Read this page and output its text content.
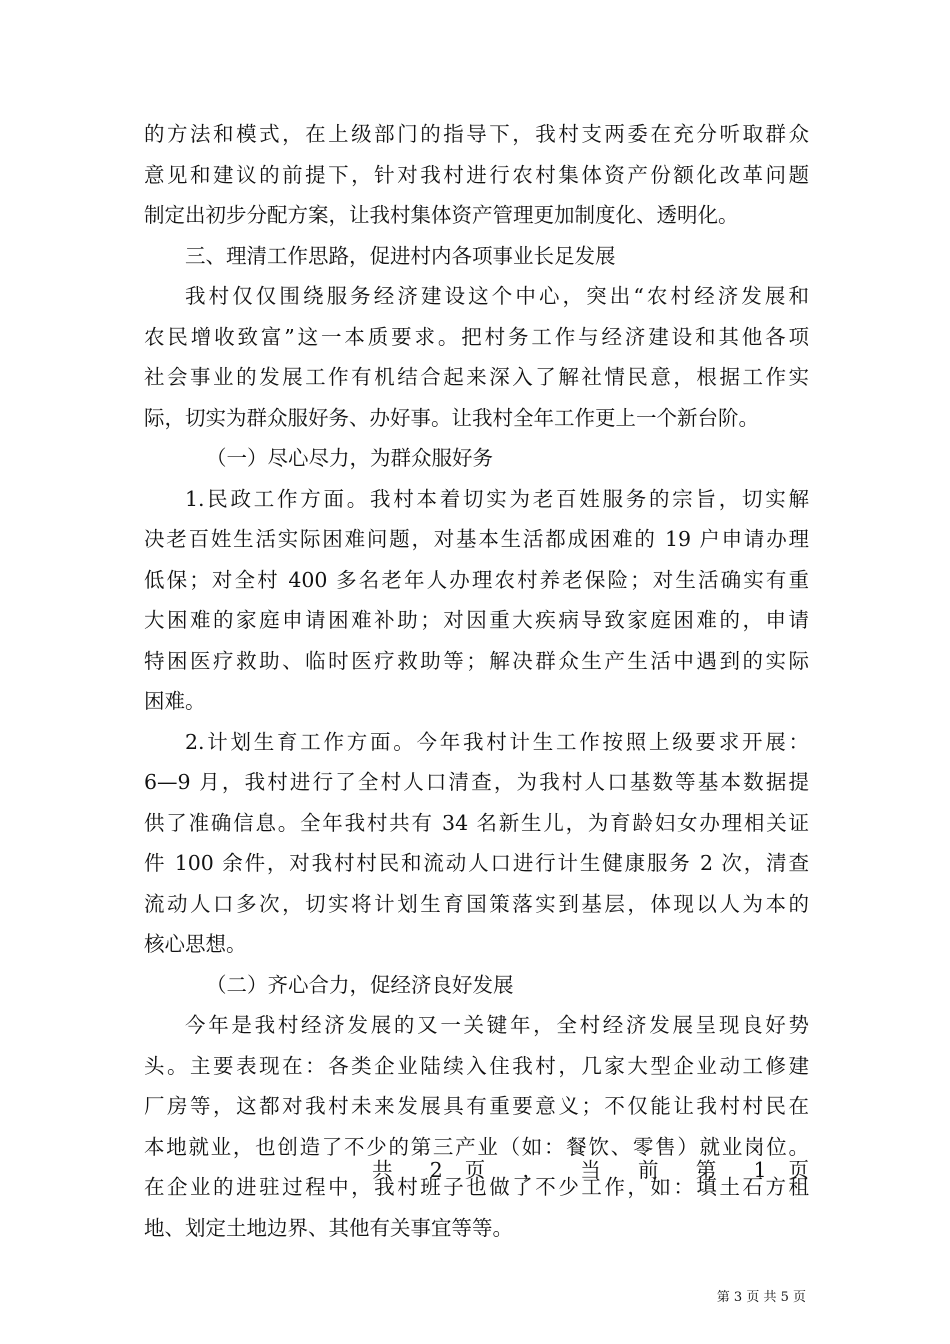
的方法和模式，在上级部门的指导下，我村支两委在充分听取群众
意见和建议的前提下，针对我村进行农村集体资产份额化改革问题
制定出初步分配方案，让我村集体资产管理更加制度化、透明化。
三、理清工作思路，促进村内各项事业长足发展
我村仅仅围绕服务经济建设这个中心，突出“农村经济发展和
农民增收致富”这一本质要求。把村务工作与经济建设和其他各项
社会事业的发展工作有机结合起来深入了解社情民意，根据工作实
际，切实为群众服好务、办好事。让我村全年工作更上一个新台阶。
（一）尽心尽力，为群众服好务
1.民政工作方面。我村本着切实为老百姓服务的宗旨，切实解
决老百姓生活实际困难问题，对基本生活都成困难的 19 户申请办理
低保；对全村 400 多名老年人办理农村养老保险；对生活确实有重
大困难的家庭申请困难补助；对因重大疾病导致家庭困难的，申请
特困医疗救助、临时医疗救助等；解决群众生产生活中遇到的实际
困难。
2.计划生育工作方面。今年我村计生工作按照上级要求开展：
6—9 月，我村进行了全村人口清查，为我村人口基数等基本数据提
供了准确信息。全年我村共有 34 名新生儿，为育龄妇女办理相关证
件 100 余件，对我村村民和流动人口进行计生健康服务 2 次，清查
流动人口多次，切实将计划生育国策落实到基层，体现以人为本的
核心思想。
（二）齐心合力，促经济良好发展
今年是我村经济发展的又一关键年，全村经济发展呈现良好势
头。主要表现在：各类企业陆续入住我村，几家大型企业动工修建
厂房等，这都对我村未来发展具有重要意义；不仅能让我村村民在
本地就业，也创造了不少的第三产业（如：餐饮、零售）就业岗位。
在企业的进驻过程中，我村班子也做了不少工作，如：填土石方租
地、划定土地边界、其他有关事宜等等。
共 2 页 ， 当 前 第 1 页
第 3 页 共 5 页
